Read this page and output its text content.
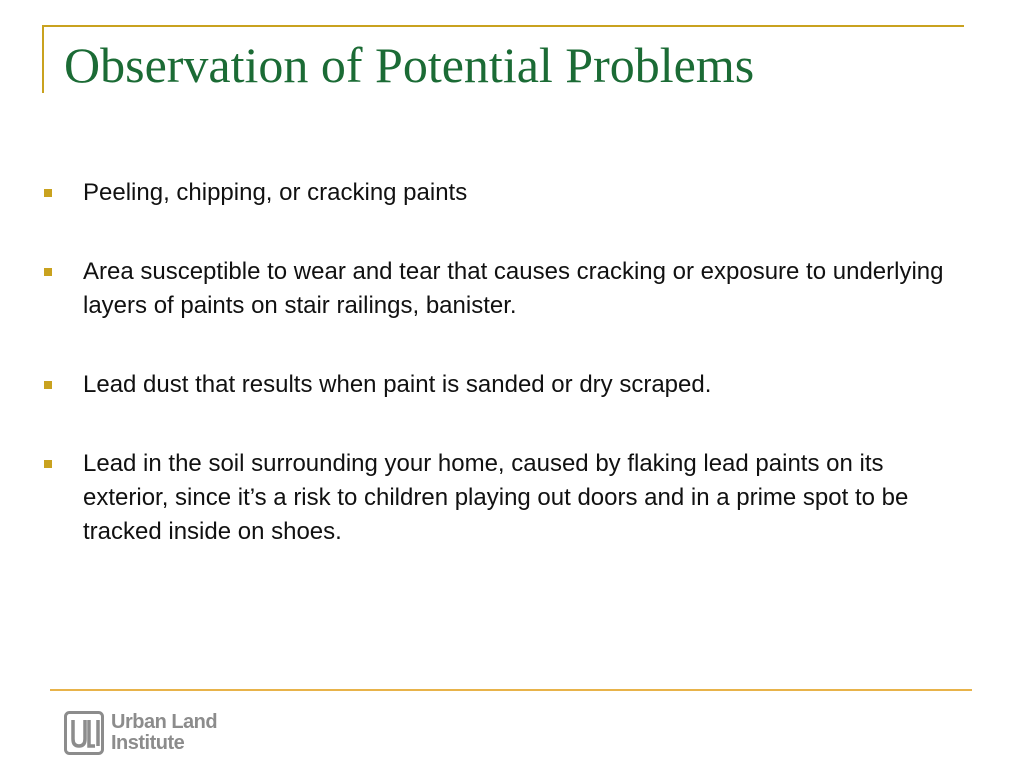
Observation of Potential Problems
Peeling, chipping, or cracking paints
Area susceptible to wear and tear that causes cracking or exposure to underlying layers of paints on stair railings, banister.
Lead dust that results when paint is sanded or dry scraped.
Lead in the soil surrounding your home, caused by flaking lead paints on its exterior, since it’s a risk to children playing out doors and in a prime spot to be tracked inside on shoes.
Urban Land
Institute
